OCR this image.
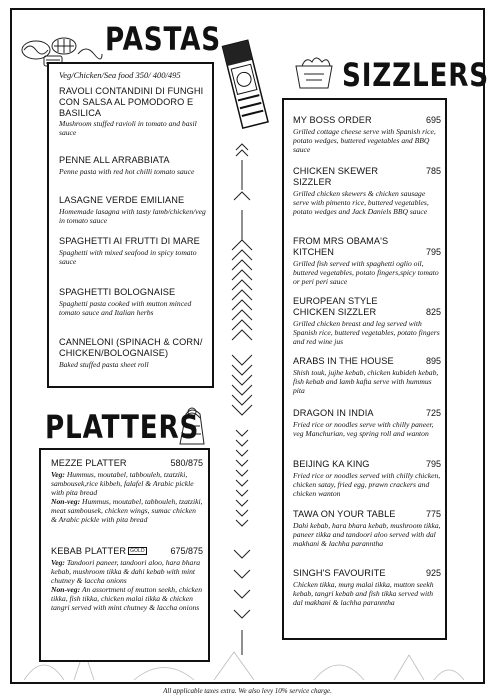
PASTAS
SIZZLERS
PLATTERS
Veg/Chicken/Sea food 350/ 400/495
RAVOLI CONTANDINI DI FUNGHI CON SALSA AL POMODORO E BASILICA
Mushroom stuffed ravioli in tomato and basil sauce
PENNE ALL ARRABBIATA
Penne pasta with red hot chilli tomato sauce
LASAGNE VERDE EMILIANE
Homemade lasagna with tasty lamb/chicken/veg in tomato sauce
SPAGHETTI AI FRUTTI DI MARE
Spaghetti with mixed seafood in spicy tomato sauce
SPAGHETTI BOLOGNAISE
Spaghetti pasta cooked with mutton minced tomato sauce and Italian herbs
CANNELONI (SPINACH & CORN/ CHICKEN/BOLOGNAISE)
Baked stuffed pasta sheet roll
MY BOSS ORDER	695
Grilled cottage cheese serve with Spanish rice, potato wedges, buttered vegetables and BBQ sauce
CHICKEN SKEWER SIZZLER
785
Grilled chicken skewers & chicken sausage serve with pimento rice, buttered vegetables, potato wedges and Jack Daniels BBQ sauce
FROM MRS OBAMA'S KITCHEN	795
Grilled fish served with spaghetti oglio oil, buttered vegetables, potato fingers,spicy tomato or peri peri sauce
EUROPEAN STYLE CHICKEN SIZZLER	825
Grilled chicken breast and leg served with Spanish rice, buttered vegetables, potato fingers and red wine jus
ARABS IN THE HOUSE	895
Shish touk, jujhe kebab, chicken kubideh kebab, fish kebab and lamb kafta serve with hummus pita
DRAGON IN INDIA	725
Fried rice or noodles serve with chilly paneer, veg Manchurian, veg spring roll and wanton
BEIJING KA KING	795
Fried rice or noodles served with chilly chicken, chicken satay, fried egg, prawn crackers and chicken wanton
TAWA ON YOUR TABLE	775
Dahi kebab, hara bhara kebab, mushroom tikka, paneer tikka and tandoori aloo served with dal makhani & lachha paranntha
SINGH'S FAVOURITE	925
Chicken tikka, murg malai tikka, mutton seekh kebab, tangri kebab and fish tikka served with dal makhani & lachha paranntha
MEZZE PLATTER	580/875
Veg: Hummus, moutabel, tabbouleh, tzatziki, sambousek,rice kibbeh, falafel & Arabic pickle with pita bread
Non-veg: Hummus, moutabel, tabbouleh, tzatziki, meat sambousek, chicken wings, sumac chicken & Arabic pickle with pita bread
KEBAB PLATTER GOLD	675/875
Veg: Tandoori paneer, tandoori aloo, hara bhara kebab, mushroom tikka & dahi kebab with mint chutney & laccha onions
Non-veg: An assortment of mutton seekh, chicken tikka, fish tikka, chicken malai tikka & chicken tangri served with mint chutney & laccha onions
All applicable taxes extra. We also levy 10% service charge.
